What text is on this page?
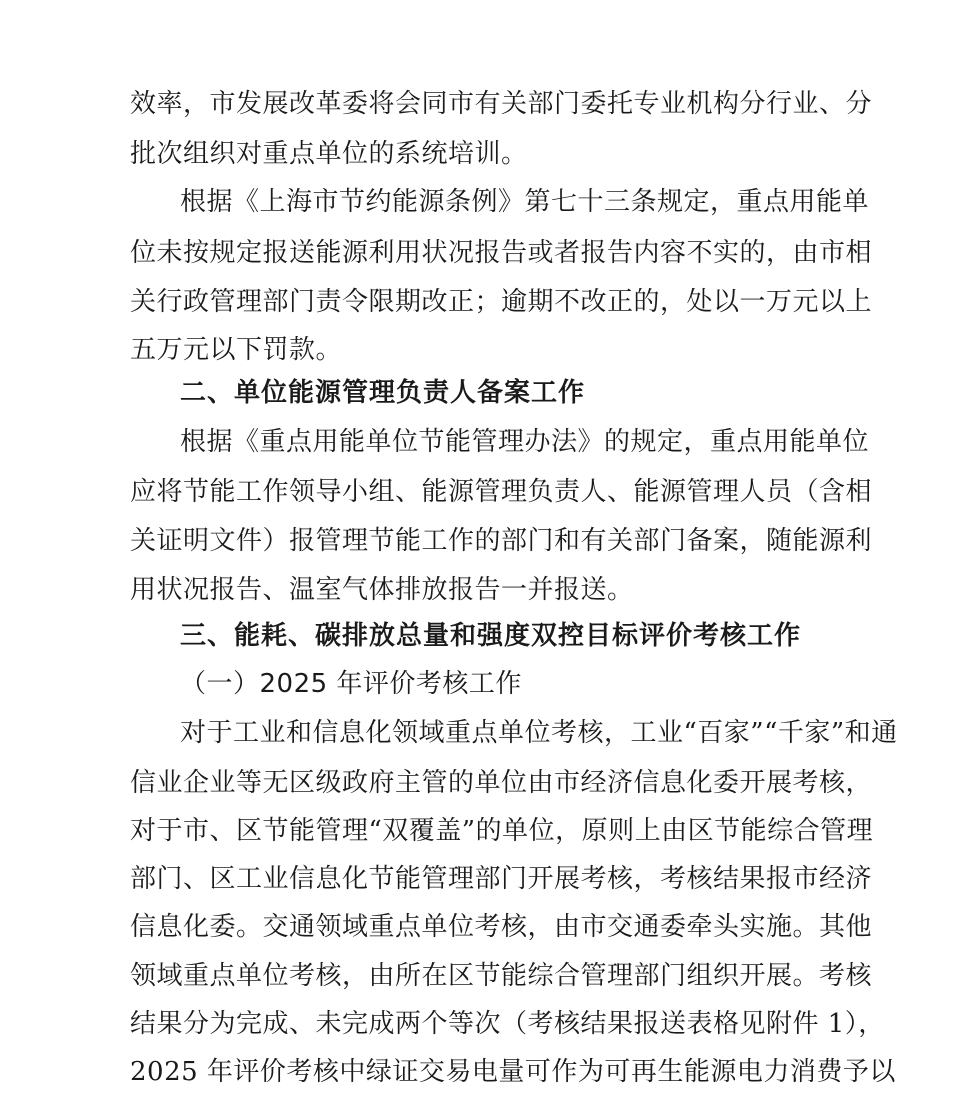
效率，市发展改革委将会同市有关部门委托专业机构分行业、分
批次组织对重点单位的系统培训。
根据《上海市节约能源条例》第七十三条规定，重点用能单
位未按规定报送能源利用状况报告或者报告内容不实的，由市相
关行政管理部门责令限期改正；逾期不改正的，处以一万元以上
五万元以下罚款。
二、单位能源管理负责人备案工作
根据《重点用能单位节能管理办法》的规定，重点用能单位
应将节能工作领导小组、能源管理负责人、能源管理人员（含相
关证明文件）报管理节能工作的部门和有关部门备案，随能源利
用状况报告、温室气体排放报告一并报送。
三、能耗、碳排放总量和强度双控目标评价考核工作
（一）2025 年评价考核工作
对于工业和信息化领域重点单位考核，工业“百家”“千家”和通
信业企业等无区级政府主管的单位由市经济信息化委开展考核，
对于市、区节能管理“双覆盖”的单位，原则上由区节能综合管理
部门、区工业信息化节能管理部门开展考核，考核结果报市经济
信息化委。交通领域重点单位考核，由市交通委牵头实施。其他
领域重点单位考核，由所在区节能综合管理部门组织开展。考核
结果分为完成、未完成两个等次（考核结果报送表格见附件 1），
2025 年评价考核中绿证交易电量可作为可再生能源电力消费予以
